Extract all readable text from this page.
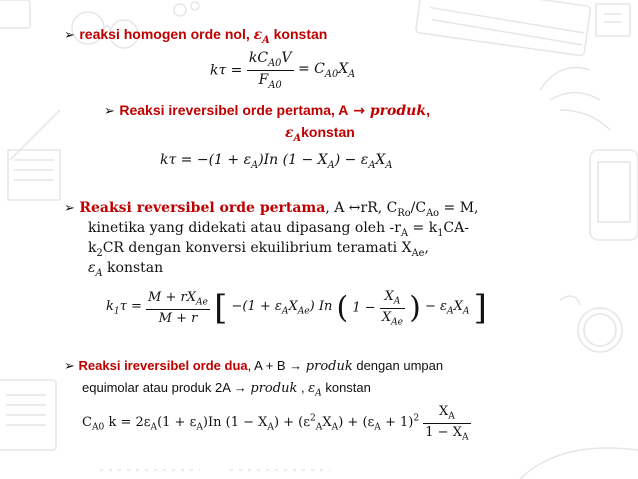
➢ reaksi homogen orde nol, $\varepsilon_A$ konstan
$k\tau = \frac{kC_{A0}V}{F_{A0}} = C_{A0}X_A$
➢ Reaksi ireversibel orde pertama, A → produk,
$\varepsilon_Akonstan$
$k\tau = -(1 + \varepsilon_A)In$ $(1 - X_A) - \varepsilon_AX_A$
➢ Reaksi reversibel orde pertama, A ↔rR, $C_{Ro}/C_{Ao} = M$,
kinetika yang didekati atau dipasang oleh $-r_A = k_1CA-$
$k_2CR$ dengan konversi ekuilibrium teramati $X_{Ae}$,
$\varepsilon_A$ konstan
$k_1\tau = \frac{M + rX_{Ae}}{M + r}$ [ $-(1 + \varepsilon_AX_{Ae})$ In ( $1 - \frac{X_A}{X_{Ae}}$ ) − $\varepsilon_AX_A$ ]
➢ Reaksi ireversibel orde dua, A + B → produk dengan umpan
equimolar atau produk 2A → produk , $\varepsilon_A$ konstan
$C_{A0}$ $k = 2\varepsilon_A(1 + \varepsilon_A)In$ $(1 - X_A) + (\varepsilon^2_AX_A) + (\varepsilon_A + 1)^2 \frac{X_A}{1 - X_A}$
